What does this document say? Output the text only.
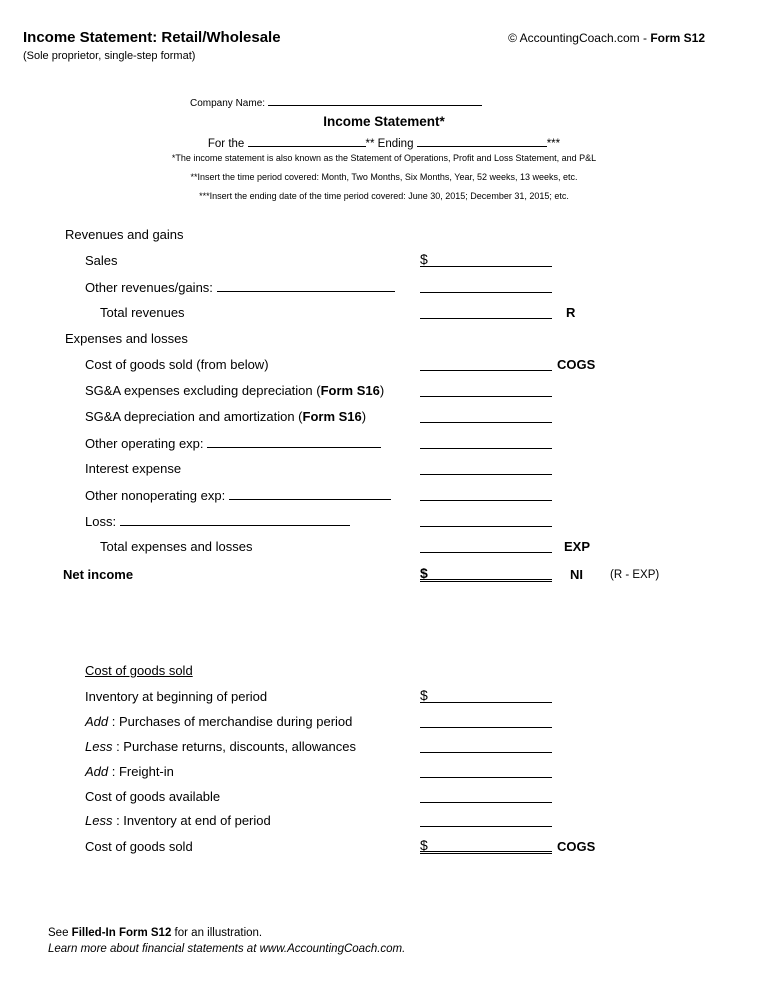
Income Statement: Retail/Wholesale	© AccountingCoach.com - Form S12
(Sole proprietor, single-step format)
Company Name:
Income Statement*
For the	** Ending	***
*The income statement is also known as the Statement of Operations, Profit and Loss Statement, and P&L
**Insert the time period covered: Month, Two Months, Six Months, Year, 52 weeks, 13 weeks, etc.
***Insert the ending date of the time period covered: June 30, 2015; December 31, 2015; etc.
Revenues and gains
Sales	$
Other revenues/gains:
Total revenues	R
Expenses and losses
Cost of goods sold (from below)	COGS
SG&A expenses excluding depreciation (Form S16)
SG&A depreciation and amortization (Form S16)
Other operating exp:
Interest expense
Other nonoperating exp:
Loss:
Total expenses and losses	EXP
Net income	$	NI (R - EXP)
Cost of goods sold
Inventory at beginning of period	$
Add : Purchases of merchandise during period
Less : Purchase returns, discounts, allowances
Add : Freight-in
Cost of goods available
Less : Inventory at end of period
Cost of goods sold	$	COGS
See Filled-In Form S12 for an illustration.
Learn more about financial statements at www.AccountingCoach.com.
